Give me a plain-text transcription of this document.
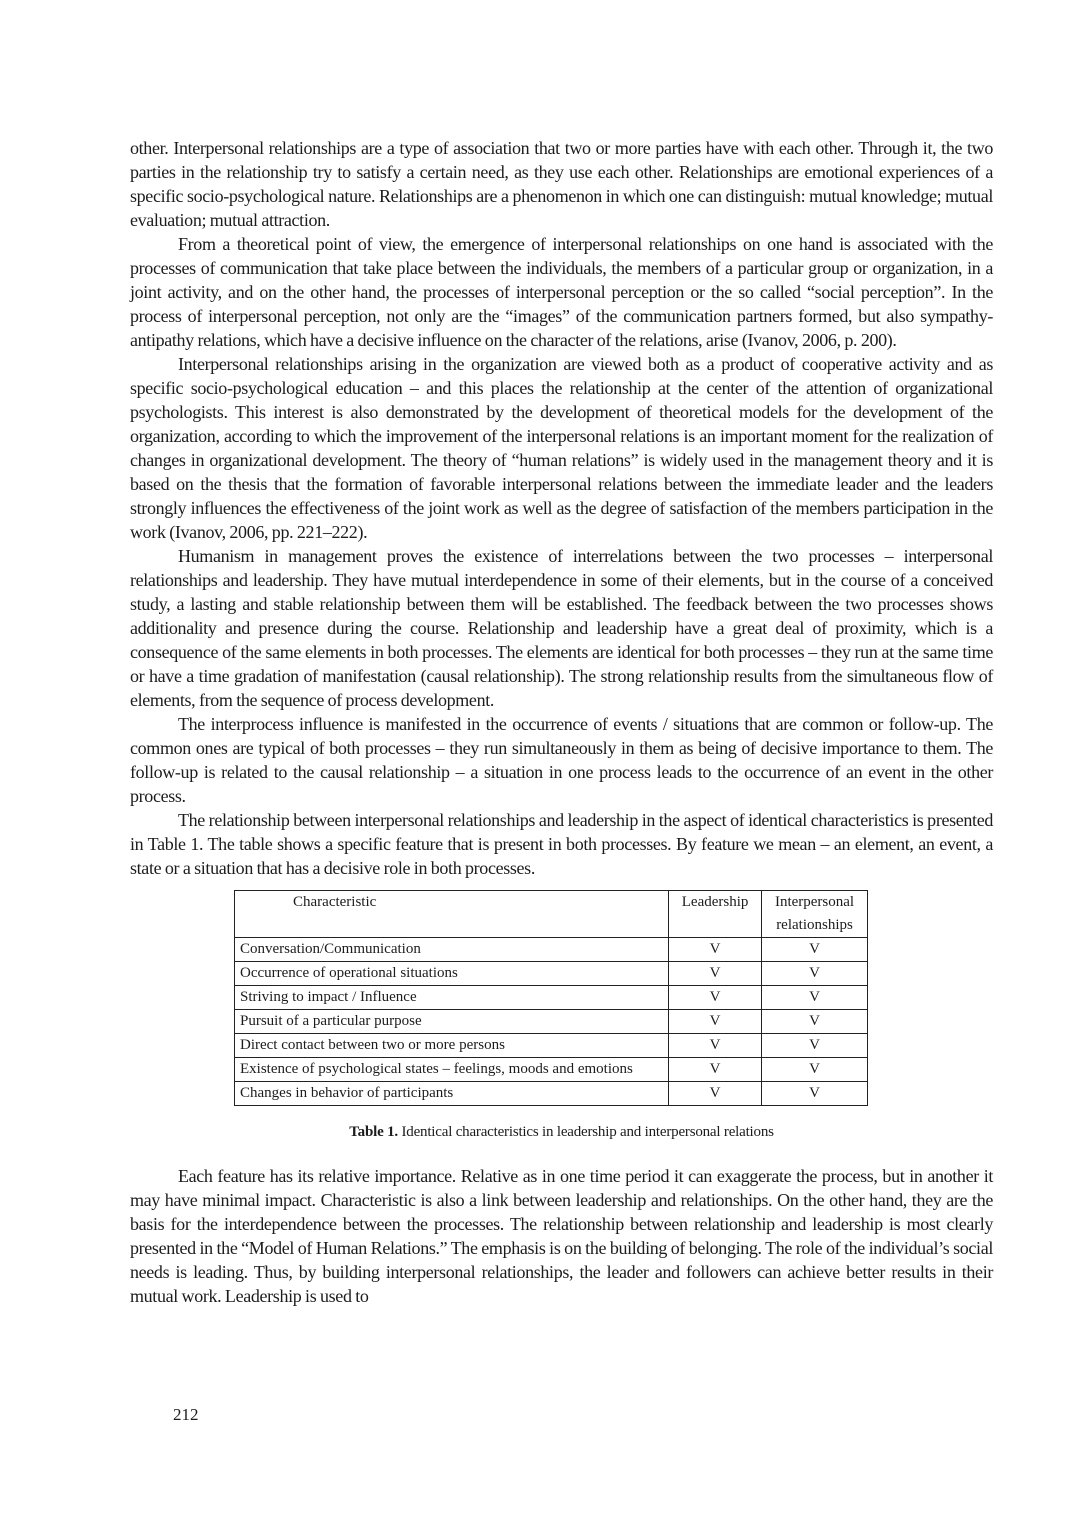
other. Interpersonal relationships are a type of association that two or more parties have with each other. Through it, the two parties in the relationship try to satisfy a certain need, as they use each other. Relationships are emotional experiences of a specific socio-psychological nature. Relationships are a phenomenon in which one can distinguish: mutual knowledge; mutual evaluation; mutual attraction.

From a theoretical point of view, the emergence of interpersonal relationships on one hand is associated with the processes of communication that take place between the individuals, the members of a particular group or organization, in a joint activity, and on the other hand, the processes of interpersonal perception or the so called “social perception”. In the process of interpersonal perception, not only are the “images” of the communication partners formed, but also sympathy-antipathy relations, which have a decisive influence on the character of the relations, arise (Ivanov, 2006, p. 200).

Interpersonal relationships arising in the organization are viewed both as a product of cooperative activity and as specific socio-psychological education – and this places the relationship at the center of the attention of organizational psychologists. This interest is also demonstrated by the development of theoretical models for the development of the organization, according to which the improvement of the interpersonal relations is an important moment for the realization of changes in organizational development. The theory of “human relations” is widely used in the management theory and it is based on the thesis that the formation of favorable interpersonal relations between the immediate leader and the leaders strongly influences the effectiveness of the joint work as well as the degree of satisfaction of the members participation in the work (Ivanov, 2006, pp. 221–222).

Humanism in management proves the existence of interrelations between the two processes – interpersonal relationships and leadership. They have mutual interdependence in some of their elements, but in the course of a conceived study, a lasting and stable relationship between them will be established. The feedback between the two processes shows additionality and presence during the course. Relationship and leadership have a great deal of proximity, which is a consequence of the same elements in both processes. The elements are identical for both processes – they run at the same time or have a time gradation of manifestation (causal relationship). The strong relationship results from the simultaneous flow of elements, from the sequence of process development.

The interprocess influence is manifested in the occurrence of events / situations that are common or follow-up. The common ones are typical of both processes – they run simultaneously in them as being of decisive importance to them. The follow-up is related to the causal relationship – a situation in one process leads to the occurrence of an event in the other process.

The relationship between interpersonal relationships and leadership in the aspect of identical characteristics is presented in Table 1. The table shows a specific feature that is present in both processes. By feature we mean – an element, an event, a state or a situation that has a decisive role in both processes.

Characteristic	Leadership	Interpersonal relationships
Conversation/Communication	V	V
Occurrence of operational situations	V	V
Striving to impact / Influence	V	V
Pursuit of a particular purpose	V	V
Direct contact between two or more persons	V	V
Existence of psychological states – feelings, moods and emotions	V	V
Changes in behavior of participants	V	V
Table 1. Identical characteristics in leadership and interpersonal relations

Each feature has its relative importance. Relative as in one time period it can exaggerate the process, but in another it may have minimal impact. Characteristic is also a link between leadership and relationships. On the other hand, they are the basis for the interdependence between the processes. The relationship between relationship and leadership is most clearly presented in the “Model of Human Relations.” The emphasis is on the building of belonging. The role of the individual’s social needs is leading. Thus, by building interpersonal relationships, the leader and followers can achieve better results in their mutual work. Leadership is used to

212
